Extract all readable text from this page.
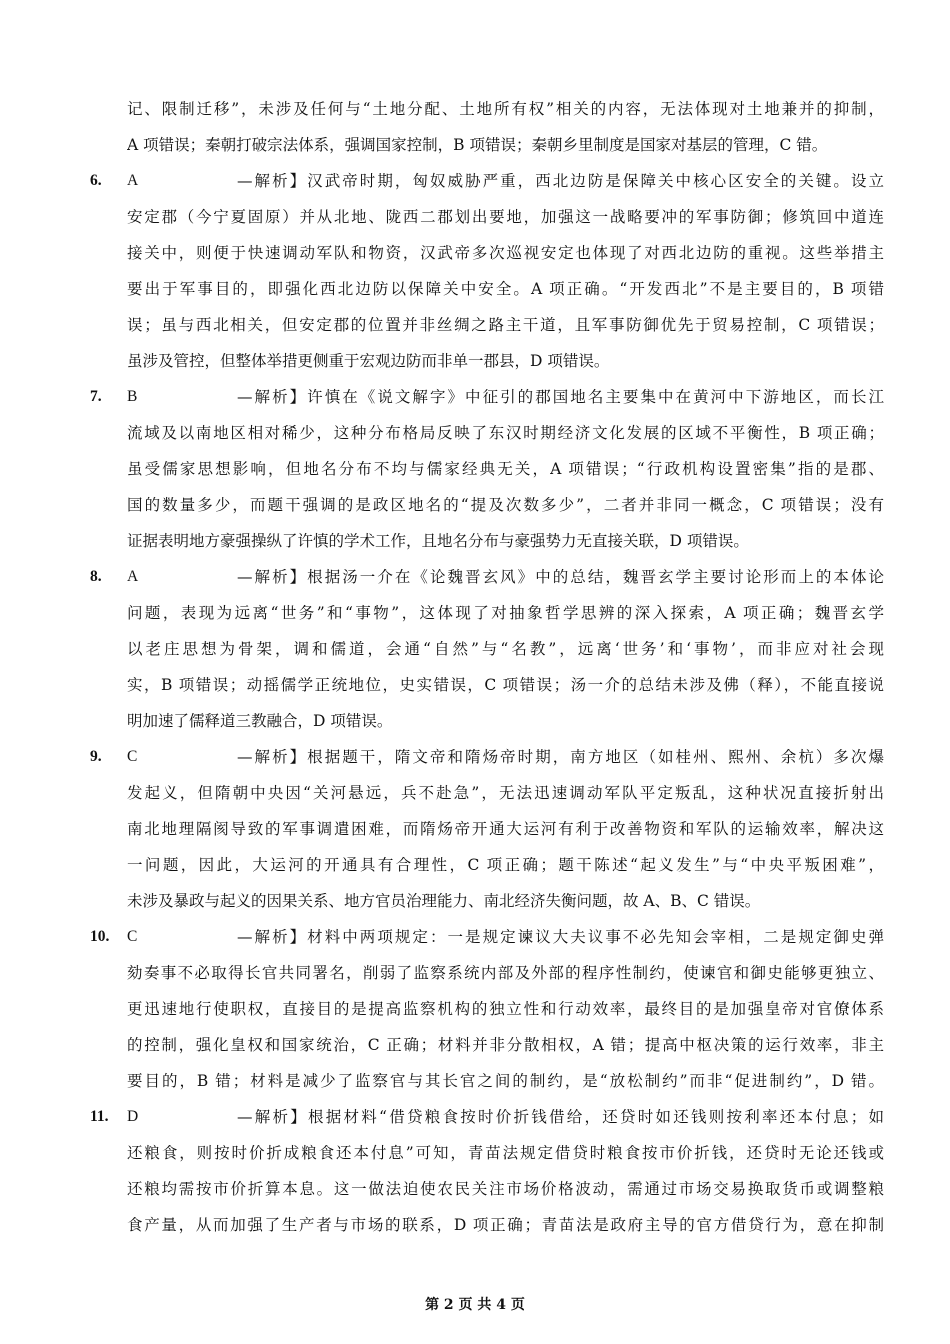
记、限制迁移”，未涉及任何与“土地分配、土地所有权”相关的内容，无法体现对土地兼并的抑制，
A 项错误；秦朝打破宗法体系，强调国家控制，B 项错误；秦朝乡里制度是国家对基层的管理，C 错。
6.	A	—解析】汉武帝时期，匈奴威胁严重，西北边防是保障关中核心区安全的关键。设立
安定郡（今宁夏固原）并从北地、陇西二郡划出要地，加强这一战略要冲的军事防御；修筑回中道连
接关中，则便于快速调动军队和物资，汉武帝多次巡视安定也体现了对西北边防的重视。这些举措主
要出于军事目的，即强化西北边防以保障关中安全。A 项正确。“开发西北”不是主要目的，B 项错
误；虽与西北相关，但安定郡的位置并非丝绸之路主干道，且军事防御优先于贸易控制，C 项错误；
虽涉及管控，但整体举措更侧重于宏观边防而非单一郡县，D 项错误。
7.	B	—解析】许慎在《说文解字》中征引的郡国地名主要集中在黄河中下游地区，而长江
流域及以南地区相对稀少，这种分布格局反映了东汉时期经济文化发展的区域不平衡性，B 项正确；
虽受儒家思想影响，但地名分布不均与儒家经典无关，A 项错误；“行政机构设置密集”指的是郡、
国的数量多少，而题干强调的是政区地名的“提及次数多少”，二者并非同一概念，C 项错误；没有
证据表明地方豪强操纵了许慎的学术工作，且地名分布与豪强势力无直接关联，D 项错误。
8.	A	—解析】根据汤一介在《论魏晋玄风》中的总结，魏晋玄学主要讨论形而上的本体论
问题，表现为远离“世务”和“事物”，这体现了对抽象哲学思辨的深入探索，A 项正确；魏晋玄学
以老庄思想为骨架，调和儒道，会通“自然”与“名教”，远离‘世务’和‘事物’，而非应对社会现
实，B 项错误；动摇儒学正统地位，史实错误，C 项错误；汤一介的总结未涉及佛（释），不能直接说
明加速了儒释道三教融合，D 项错误。
9.	C	—解析】根据题干，隋文帝和隋炀帝时期，南方地区（如桂州、熙州、余杭）多次爆
发起义，但隋朝中央因“关河悬远，兵不赴急”，无法迅速调动军队平定叛乱，这种状况直接折射出
南北地理隔阂导致的军事调遣困难，而隋炀帝开通大运河有利于改善物资和军队的运输效率，解决这
一问题，因此，大运河的开通具有合理性，C 项正确；题干陈述“起义发生”与“中央平叛困难”，
未涉及暴政与起义的因果关系、地方官员治理能力、南北经济失衡问题，故 A、B、C 错误。
10.	C	—解析】材料中两项规定：一是规定谏议大夫议事不必先知会宰相，二是规定御史弹
劾奏事不必取得长官共同署名，削弱了监察系统内部及外部的程序性制约，使谏官和御史能够更独立、
更迅速地行使职权，直接目的是提高监察机构的独立性和行动效率，最终目的是加强皇帝对官僚体系
的控制，强化皇权和国家统治，C 正确；材料并非分散相权，A 错；提高中枢决策的运行效率，非主
要目的，B 错；材料是减少了监察官与其长官之间的制约，是“放松制约”而非“促进制约”，D 错。
11.	D	—解析】根据材料“借贷粮食按时价折钱借给，还贷时如还钱则按利率还本付息；如
还粮食，则按时价折成粮食还本付息”可知，青苗法规定借贷时粮食按市价折钱，还贷时无论还钱或
还粮均需按市价折算本息。这一做法迫使农民关注市场价格波动，需通过市场交易换取货币或调整粮
食产量，从而加强了生产者与市场的联系，D 项正确；青苗法是政府主导的官方借贷行为，意在抑制
第 2 页 共 4 页
